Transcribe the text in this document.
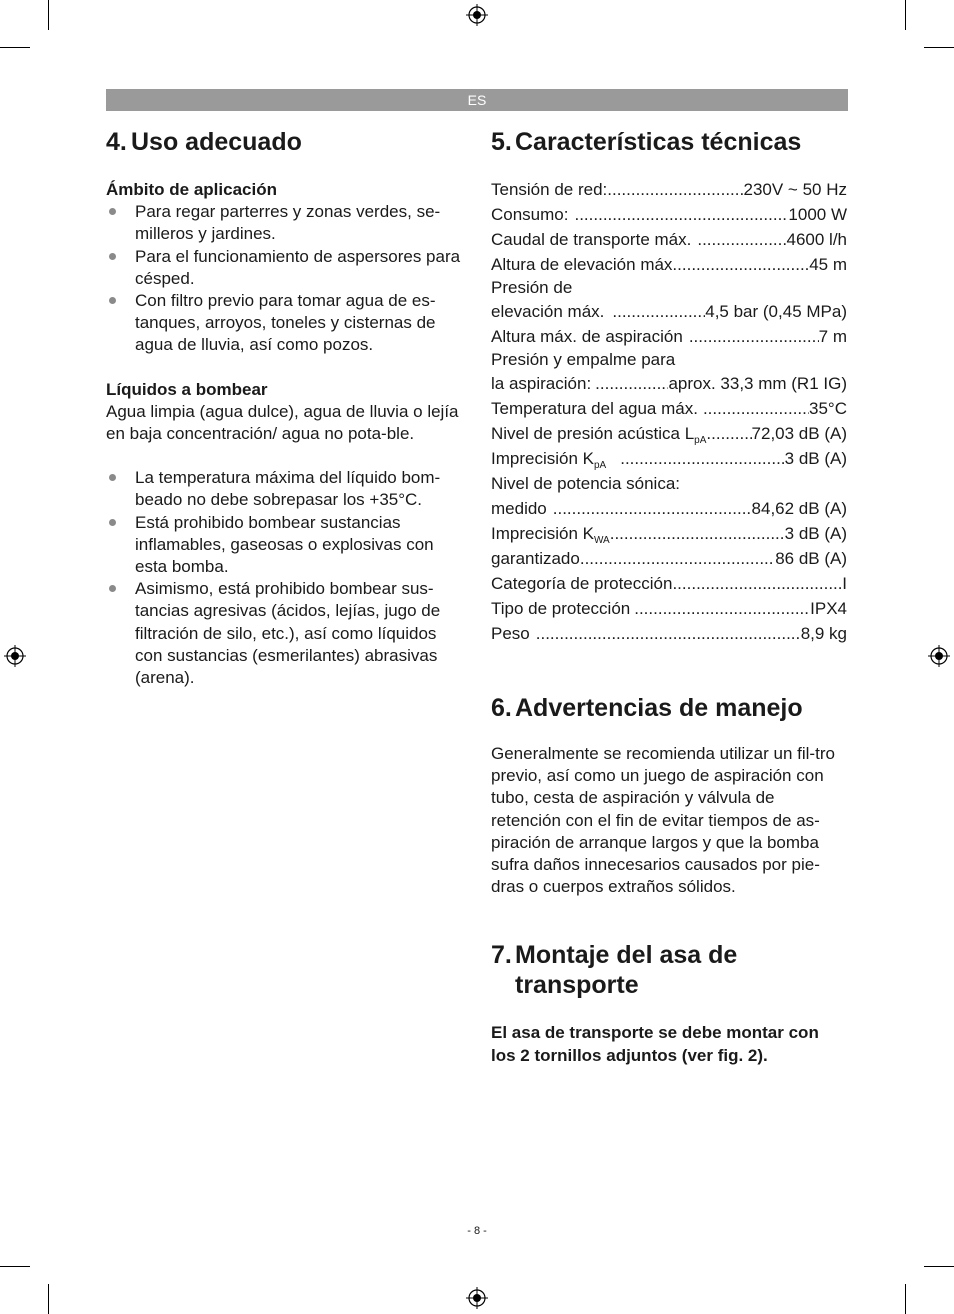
ES
4. Uso adecuado
Ámbito de aplicación
Para regar parterres y zonas verdes, se-milleros y jardines.
Para el funcionamiento de aspersores para césped.
Con filtro previo para tomar agua de es-tanques, arroyos, toneles y cisternas de agua de lluvia, así como pozos.
Líquidos a bombear
Agua limpia (agua dulce), agua de lluvia o lejía en baja concentración/ agua no pota-ble.
La temperatura máxima del líquido bom-beado no debe sobrepasar los +35°C.
Está prohibido bombear sustancias inflamables, gaseosas o explosivas con esta bomba.
Asimismo, está prohibido bombear sus-tancias agresivas (ácidos, lejías, jugo de filtración de silo, etc.), así como líquidos con sustancias (esmerilantes) abrasivas (arena).
5. Características técnicas
Tensión de red: .....	230V ~ 50 Hz
Consumo: .....	1000 W
Caudal de transporte máx. .....	4600 l/h
Altura de elevación máx. .....	45 m
Presión de
elevación máx. .....	4,5 bar (0,45 MPa)
Altura máx. de aspiración .....	7 m
Presión y empalme para
la aspiración: .....	aprox. 33,3 mm (R1 IG)
Temperatura del agua máx. .....	35°C
Nivel de presión acústica $L_{pA}$ .....	72,03 dB (A)
Imprecisión $K_{pA}$ .....	3 dB (A)
Nivel de potencia sónica:
medido .....	84,62 dB (A)
Imprecisión $K_{WA}$ .....	3 dB (A)
garantizado .....	86 dB (A)
Categoría de protección .....	I
Tipo de protección .....	IPX4
Peso .....	8,9 kg
6. Advertencias de manejo
Generalmente se recomienda utilizar un fil-tro previo, así como un juego de aspiración con tubo, cesta de aspiración y válvula de retención con el fin de evitar tiempos de as-piración de arranque largos y que la bomba sufra daños innecesarios causados por pie-dras o cuerpos extraños sólidos.
7. Montaje del asa de transporte
El asa de transporte se debe montar con los 2 tornillos adjuntos (ver fig. 2).
- 8 -
